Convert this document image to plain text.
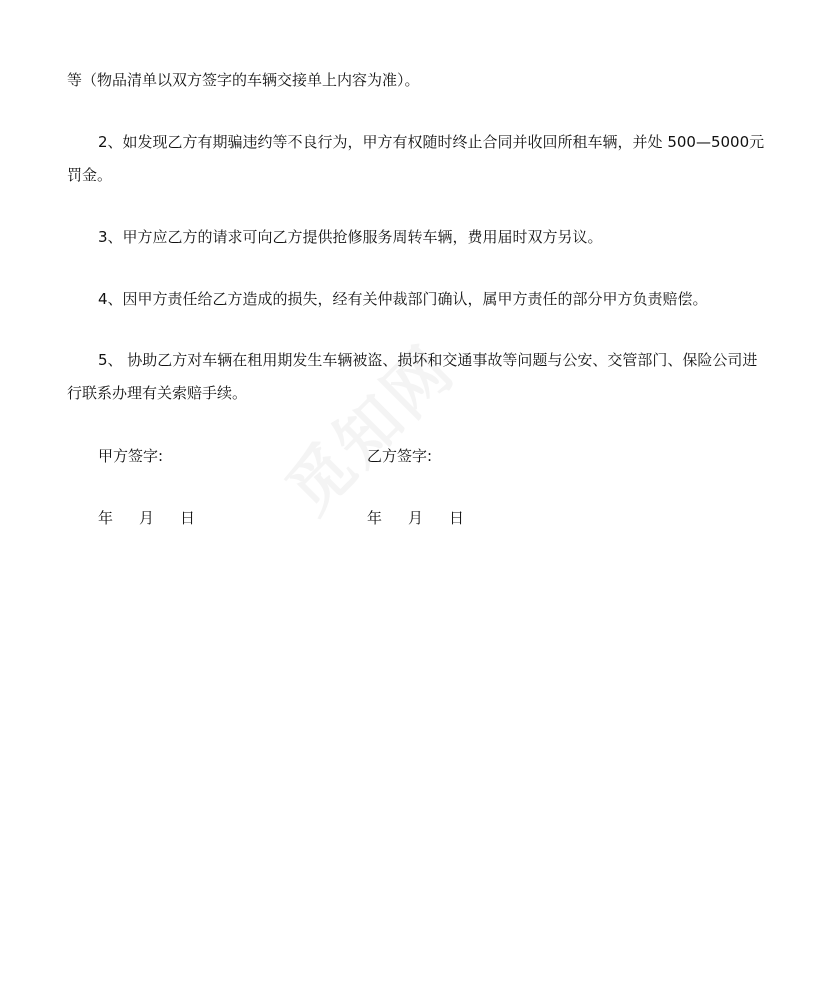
等（物品清单以双方签字的车辆交接单上内容为准）。

2、如发现乙方有期骗违约等不良行为，甲方有权随时终止合同并收回所租车辆，并处 500—5000元罚金。

3、甲方应乙方的请求可向乙方提供抢修服务周转车辆，费用届时双方另议。

4、因甲方责任给乙方造成的损失，经有关仲裁部门确认，属甲方责任的部分甲方负责赔偿。

5、 协助乙方对车辆在租用期发生车辆被盗、损坏和交通事故等问题与公安、交管部门、保险公司进行联系办理有关索赔手续。

甲方签字:	乙方签字:
年 月 日	年 月 日
